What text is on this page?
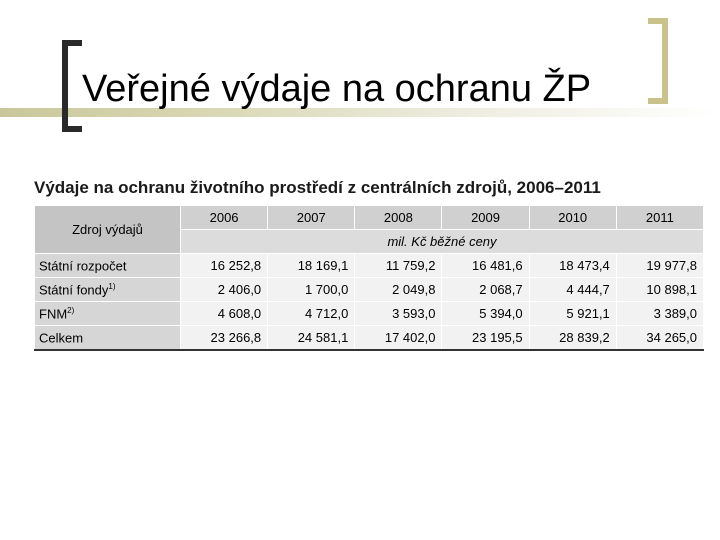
Veřejné výdaje na ochranu ŽP

Výdaje na ochranu životního prostředí z centrálních zdrojů, 2006–2011

Zdroj výdajů	2006	2007	2008	2009	2010	2011
	mil. Kč běžné ceny					
Státní rozpočet	16 252,8	18 169,1	11 759,2	16 481,6	18 473,4	19 977,8
Státní fondy$^{1)}$	2 406,0	1 700,0	2 049,8	2 068,7	4 444,7	10 898,1
FNM$^{2)}$	4 608,0	4 712,0	3 593,0	5 394,0	5 921,1	3 389,0
Celkem	23 266,8	24 581,1	17 402,0	23 195,5	28 839,2	34 265,0
